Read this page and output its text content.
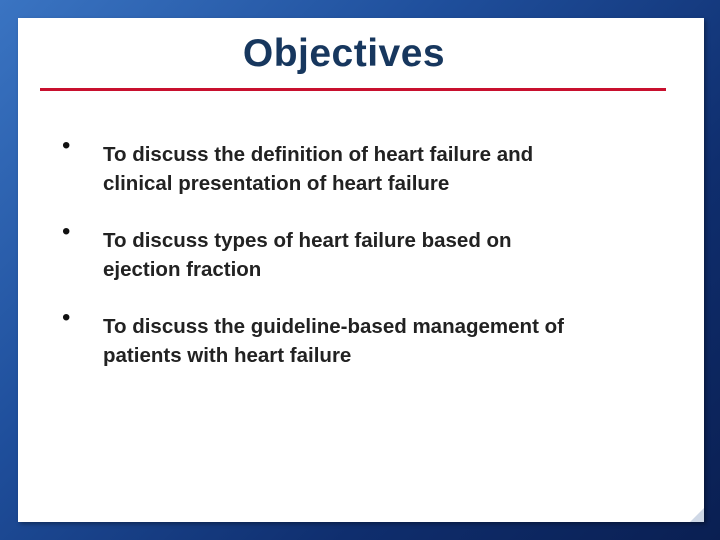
Objectives
• To discuss the definition of heart failure and
clinical presentation of heart failure
• To discuss types of heart failure based on
ejection fraction
• To discuss the guideline-based management of
patients with heart failure
